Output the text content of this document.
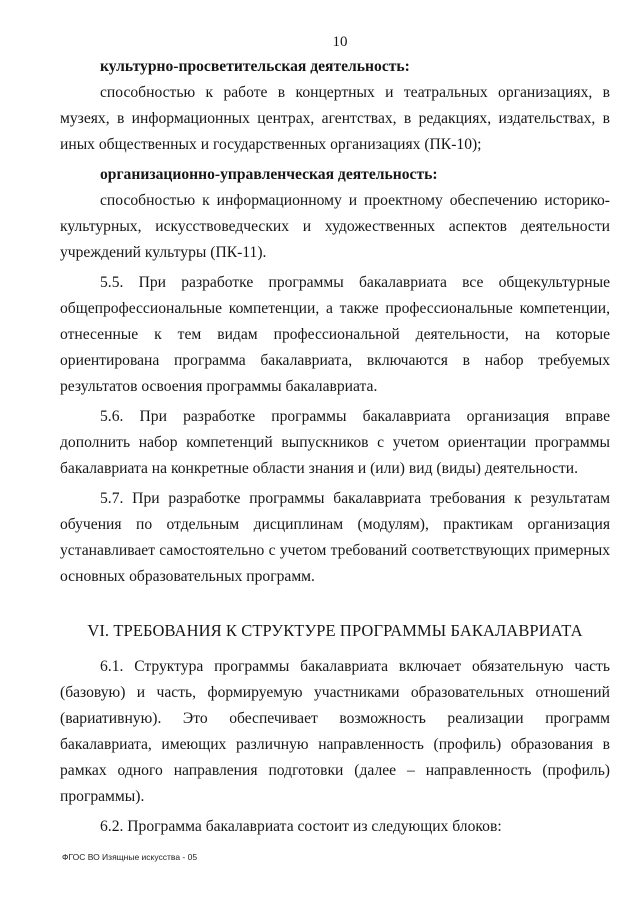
10

культурно-просветительская деятельность:

способностью к работе в концертных и театральных организациях, в музеях, в информационных центрах, агентствах, в редакциях, издательствах, в иных общественных и государственных организациях (ПК-10);

организационно-управленческая деятельность:

способностью к информационному и проектному обеспечению историко-культурных, искусствоведческих и художественных аспектов деятельности учреждений культуры (ПК-11).

5.5. При разработке программы бакалавриата все общекультурные общепрофессиональные компетенции, а также профессиональные компетенции, отнесенные к тем видам профессиональной деятельности, на которые ориентирована программа бакалавриата, включаются в набор требуемых результатов освоения программы бакалавриата.

5.6. При разработке программы бакалавриата организация вправе дополнить набор компетенций выпускников с учетом ориентации программы бакалавриата на конкретные области знания и (или) вид (виды) деятельности.

5.7. При разработке программы бакалавриата требования к результатам обучения по отдельным дисциплинам (модулям), практикам организация устанавливает самостоятельно с учетом требований соответствующих примерных основных образовательных программ.

VI. ТРЕБОВАНИЯ К СТРУКТУРЕ ПРОГРАММЫ БАКАЛАВРИАТА

6.1. Структура программы бакалавриата включает обязательную часть (базовую) и часть, формируемую участниками образовательных отношений (вариативную). Это обеспечивает возможность реализации программ бакалавриата, имеющих различную направленность (профиль) образования в рамках одного направления подготовки (далее – направленность (профиль) программы).

6.2. Программа бакалавриата состоит из следующих блоков:

ФГОС ВО Изящные искусства - 05
